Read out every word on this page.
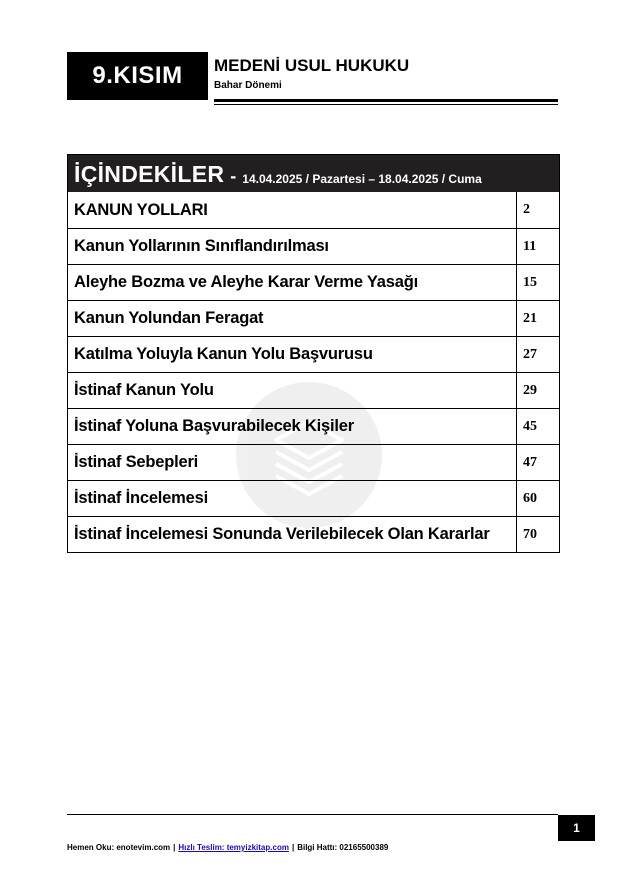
9.KISIM	MEDENİ USUL HUKUKU
Bahar Dönemi
İÇİNDEKİLER - 14.04.2025 / Pazartesi – 18.04.2025 / Cuma
KANUN YOLLARI	2
Kanun Yollarının Sınıflandırılması	11
Aleyhe Bozma ve Aleyhe Karar Verme Yasağı	15
Kanun Yolundan Feragat	21
Katılma Yoluyla Kanun Yolu Başvurusu	27
İstinaf Kanun Yolu	29
İstinaf Yoluna Başvurabilecek Kişiler	45
İstinaf Sebepleri	47
İstinaf İncelemesi	60
İstinaf İncelemesi Sonunda Verilebilecek Olan Kararlar	70
1
Hemen Oku: enotevim.com | Hızlı Teslim: temyizkitap.com | Bilgi Hattı: 02165500389
